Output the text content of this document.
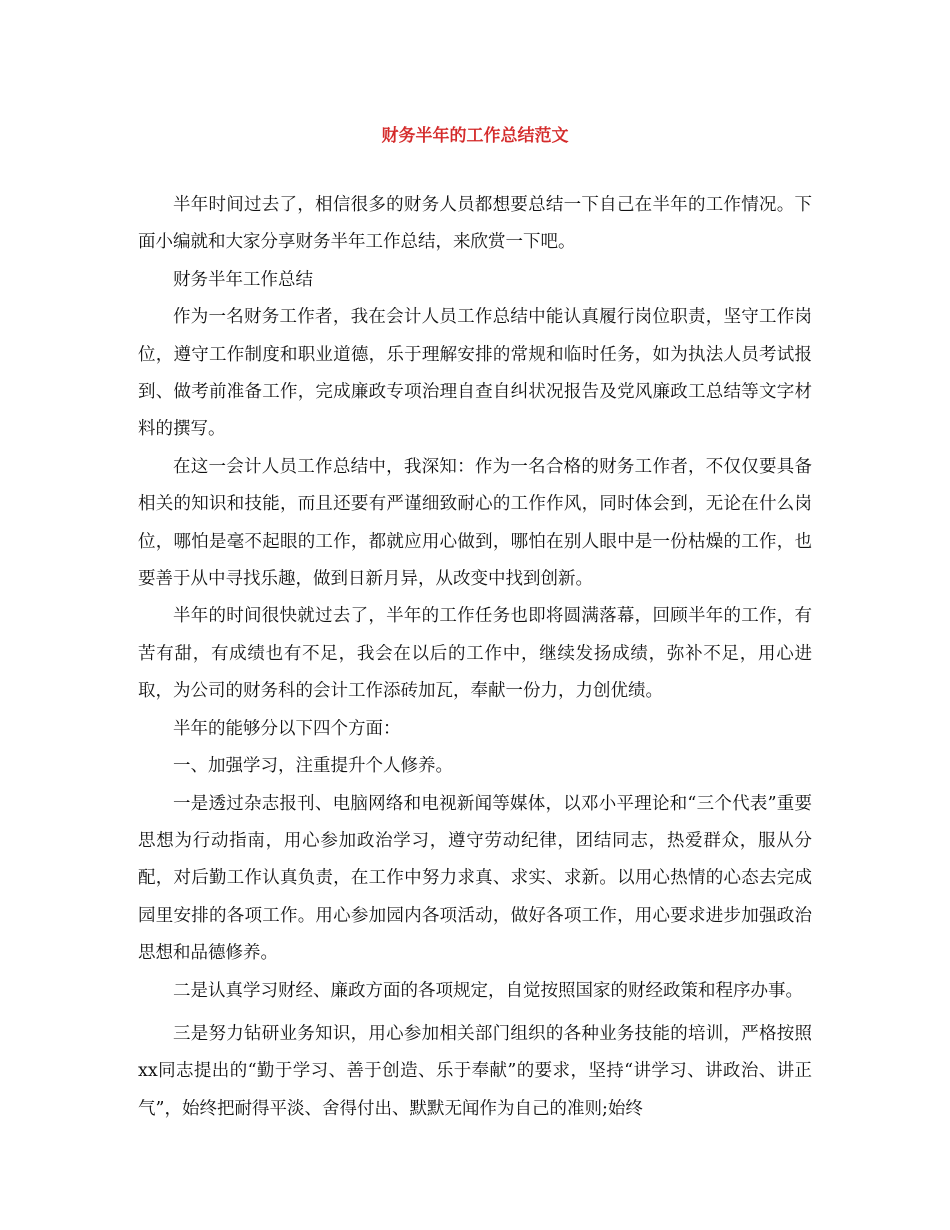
财务半年的工作总结范文

半年时间过去了，相信很多的财务人员都想要总结一下自己在半年的工作情况。下面小编就和大家分享财务半年工作总结，来欣赏一下吧。

财务半年工作总结

作为一名财务工作者，我在会计人员工作总结中能认真履行岗位职责，坚守工作岗位，遵守工作制度和职业道德，乐于理解安排的常规和临时任务，如为执法人员考试报到、做考前准备工作，完成廉政专项治理自查自纠状况报告及党风廉政工总结等文字材料的撰写。

在这一会计人员工作总结中，我深知：作为一名合格的财务工作者，不仅仅要具备相关的知识和技能，而且还要有严谨细致耐心的工作作风，同时体会到，无论在什么岗位，哪怕是毫不起眼的工作，都就应用心做到，哪怕在别人眼中是一份枯燥的工作，也要善于从中寻找乐趣，做到日新月异，从改变中找到创新。

半年的时间很快就过去了，半年的工作任务也即将圆满落幕，回顾半年的工作，有苦有甜，有成绩也有不足，我会在以后的工作中，继续发扬成绩，弥补不足，用心进取，为公司的财务科的会计工作添砖加瓦，奉献一份力，力创优绩。

半年的能够分以下四个方面：

一、加强学习，注重提升个人修养。

一是透过杂志报刊、电脑网络和电视新闻等媒体，以邓小平理论和“三个代表”重要思想为行动指南，用心参加政治学习，遵守劳动纪律，团结同志，热爱群众，服从分配，对后勤工作认真负责，在工作中努力求真、求实、求新。以用心热情的心态去完成园里安排的各项工作。用心参加园内各项活动，做好各项工作，用心要求进步加强政治思想和品德修养。

二是认真学习财经、廉政方面的各项规定，自觉按照国家的财经政策和程序办事。

三是努力钻研业务知识，用心参加相关部门组织的各种业务技能的培训，严格按照xx同志提出的“勤于学习、善于创造、乐于奉献”的要求，坚持“讲学习、讲政治、讲正气”，始终把耐得平淡、舍得付出、默默无闻作为自己的准则;始终
